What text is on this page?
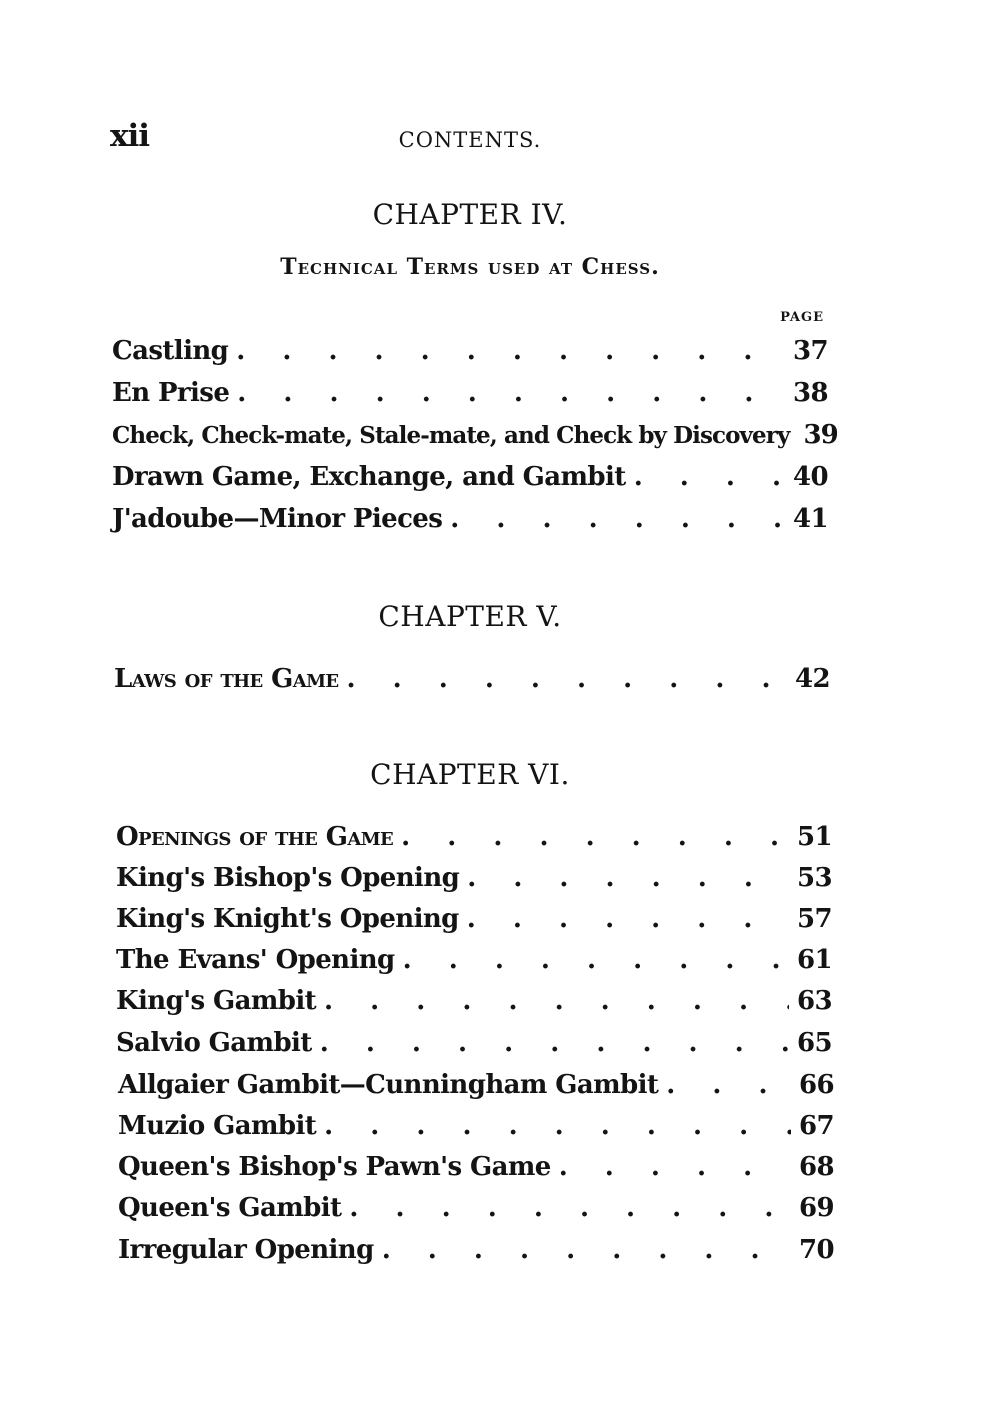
xii	CONTENTS.
CHAPTER IV.
Technical Terms used at Chess.
PAGE
Castling . . .	37
En Prise . . .	38
Check, Check-mate, Stale-mate, and Check by Discovery 39
Drawn Game, Exchange, and Gambit . . .	40
J'adoube—Minor Pieces . . .	41
CHAPTER V.
Laws of the Game . . .	42
CHAPTER VI.
Openings of the Game . . .	51
King's Bishop's Opening . . .	53
King's Knight's Opening . . .	57
The Evans' Opening . . .	61
King's Gambit . . .	63
Salvio Gambit . . .	65
Allgaier Gambit—Cunningham Gambit . . .	66
Muzio Gambit . . .	67
Queen's Bishop's Pawn's Game . . .	68
Queen's Gambit . . .	69
Irregular Opening . . .	70
